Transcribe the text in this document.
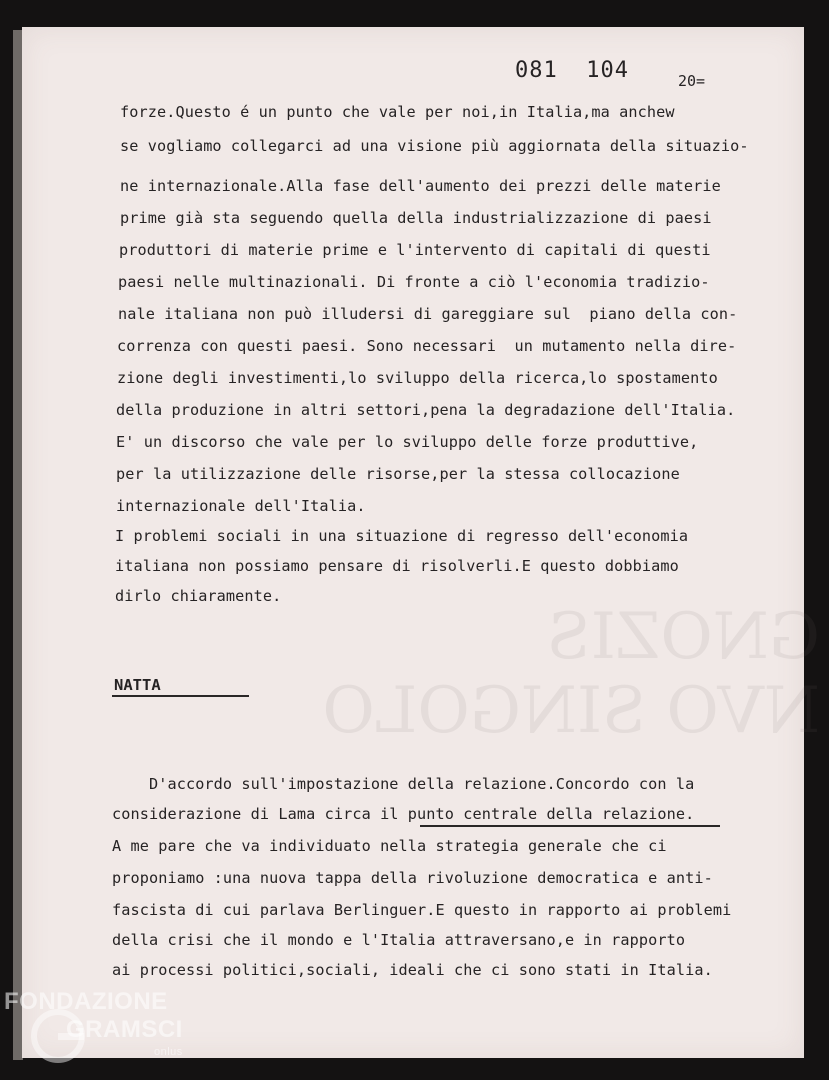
GNOZIS
NVO SINGOLO
081  104	20=
forze.Questo é un punto che vale per noi,in Italia,ma anchew
se vogliamo collegarci ad una visione più aggiornata della situazio-
ne internazionale.Alla fase dell'aumento dei prezzi delle materie
prime già sta seguendo quella della industrializzazione di paesi
produttori di materie prime e l'intervento di capitali di questi
paesi nelle multinazionali. Di fronte a ciò l'economia tradizio-
nale italiana non può illudersi di gareggiare sul  piano della con-
correnza con questi paesi. Sono necessari  un mutamento nella dire-
zione degli investimenti,lo sviluppo della ricerca,lo spostamento
della produzione in altri settori,pena la degradazione dell'Italia.
E' un discorso che vale per lo sviluppo delle forze produttive,
per la utilizzazione delle risorse,per la stessa collocazione
internazionale dell'Italia.
I problemi sociali in una situazione di regresso dell'economia
italiana non possiamo pensare di risolverli.E questo dobbiamo
dirlo chiaramente.
NATTA
D'accordo sull'impostazione della relazione.Concordo con la
considerazione di Lama circa il punto centrale della relazione.
A me pare che va individuato nella strategia generale che ci
proponiamo :una nuova tappa della rivoluzione democratica e anti-
fascista di cui parlava Berlinguer.E questo in rapporto ai problemi
della crisi che il mondo e l'Italia attraversano,e in rapporto
ai processi politici,sociali, ideali che ci sono stati in Italia.
FONDAZIONE
GRAMSCI
onlus
